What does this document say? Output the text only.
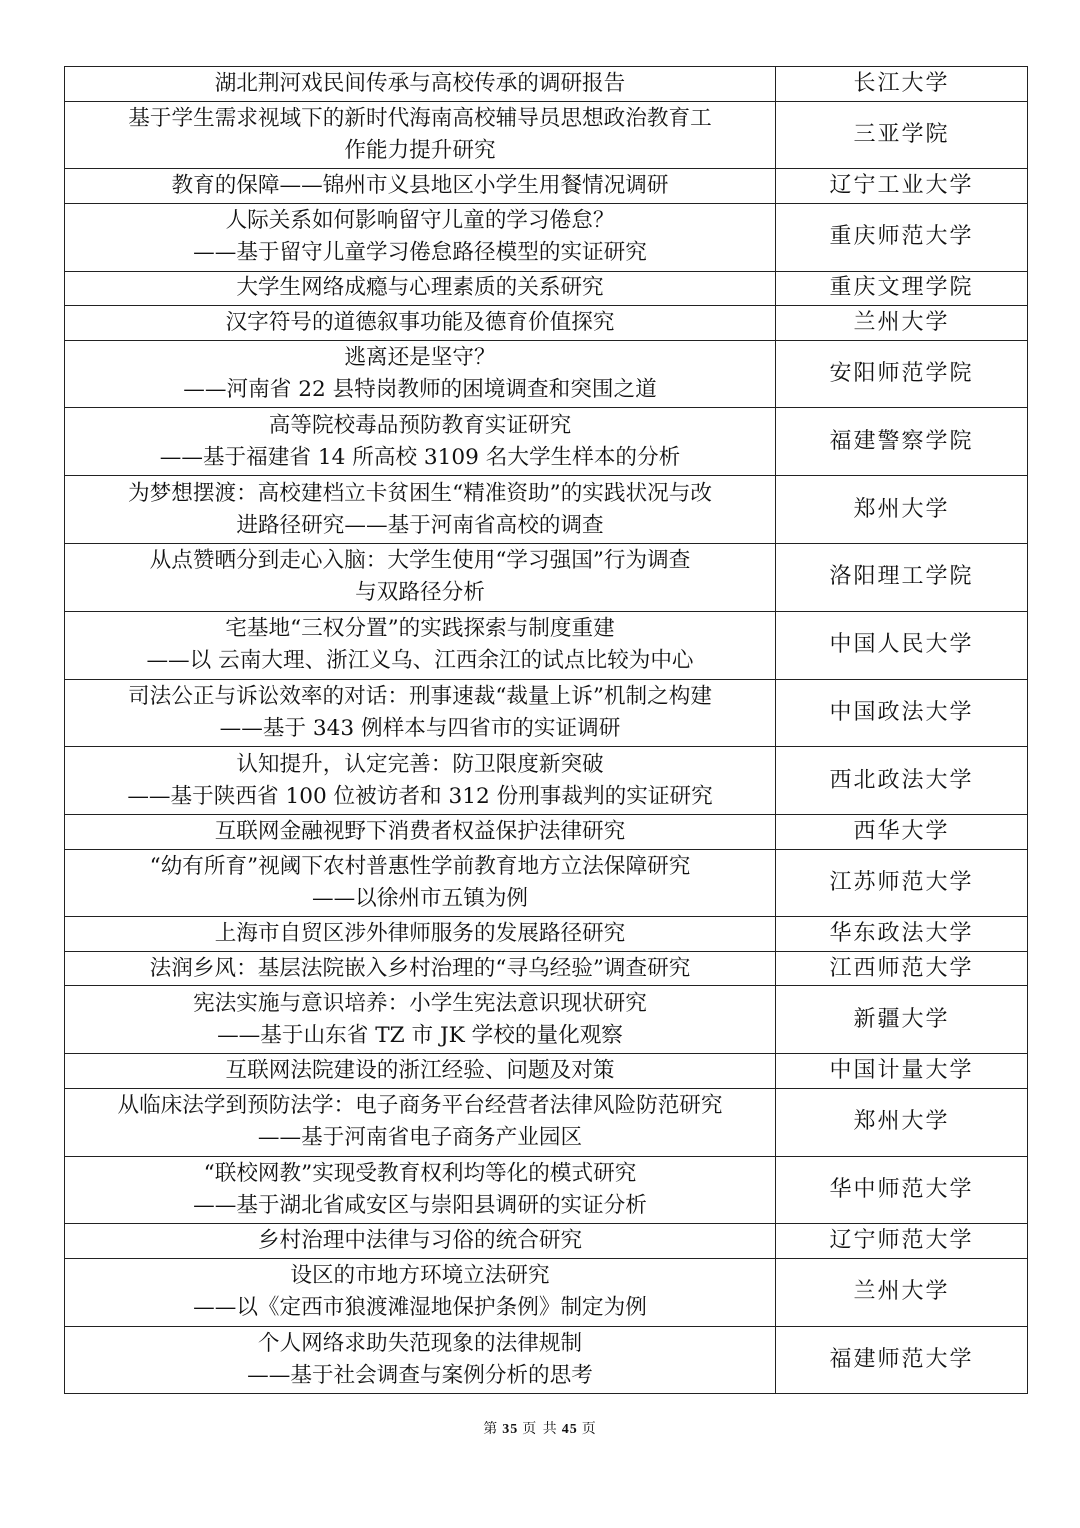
湖北荆河戏民间传承与高校传承的调研报告	长江大学

基于学生需求视域下的新时代海南高校辅导员思想政治教育工
作能力提升研究	三亚学院

教育的保障——锦州市义县地区小学生用餐情况调研	辽宁工业大学

人际关系如何影响留守儿童的学习倦怠？
——基于留守儿童学习倦怠路径模型的实证研究	重庆师范大学

大学生网络成瘾与心理素质的关系研究	重庆文理学院

汉字符号的道德叙事功能及德育价值探究	兰州大学

逃离还是坚守？
——河南省 22 县特岗教师的困境调查和突围之道	安阳师范学院

高等院校毒品预防教育实证研究
——基于福建省 14 所高校 3109 名大学生样本的分析	福建警察学院

为梦想摆渡：高校建档立卡贫困生“精准资助”的实践状况与改
进路径研究——基于河南省高校的调查	郑州大学

从点赞晒分到走心入脑：大学生使用“学习强国”行为调查
与双路径分析	洛阳理工学院

宅基地“三权分置”的实践探索与制度重建
——以 云南大理、浙江义乌、江西余江的试点比较为中心	中国人民大学

司法公正与诉讼效率的对话：刑事速裁“裁量上诉”机制之构建
——基于 343 例样本与四省市的实证调研	中国政法大学

认知提升，认定完善：防卫限度新突破
——基于陕西省 100 位被访者和 312 份刑事裁判的实证研究	西北政法大学

互联网金融视野下消费者权益保护法律研究	西华大学

“幼有所育”视阈下农村普惠性学前教育地方立法保障研究
——以徐州市五镇为例	江苏师范大学

上海市自贸区涉外律师服务的发展路径研究	华东政法大学

法润乡风：基层法院嵌入乡村治理的“寻乌经验”调查研究	江西师范大学

宪法实施与意识培养：小学生宪法意识现状研究
——基于山东省 TZ 市 JK 学校的量化观察	新疆大学

互联网法院建设的浙江经验、问题及对策	中国计量大学

从临床法学到预防法学：电子商务平台经营者法律风险防范研究
——基于河南省电子商务产业园区	郑州大学

“联校网教”实现受教育权利均等化的模式研究
——基于湖北省咸安区与崇阳县调研的实证分析	华中师范大学

乡村治理中法律与习俗的统合研究	辽宁师范大学

设区的市地方环境立法研究
——以《定西市狼渡滩湿地保护条例》制定为例	兰州大学

个人网络求助失范现象的法律规制
——基于社会调查与案例分析的思考	福建师范大学
第 35 页 共 45 页
